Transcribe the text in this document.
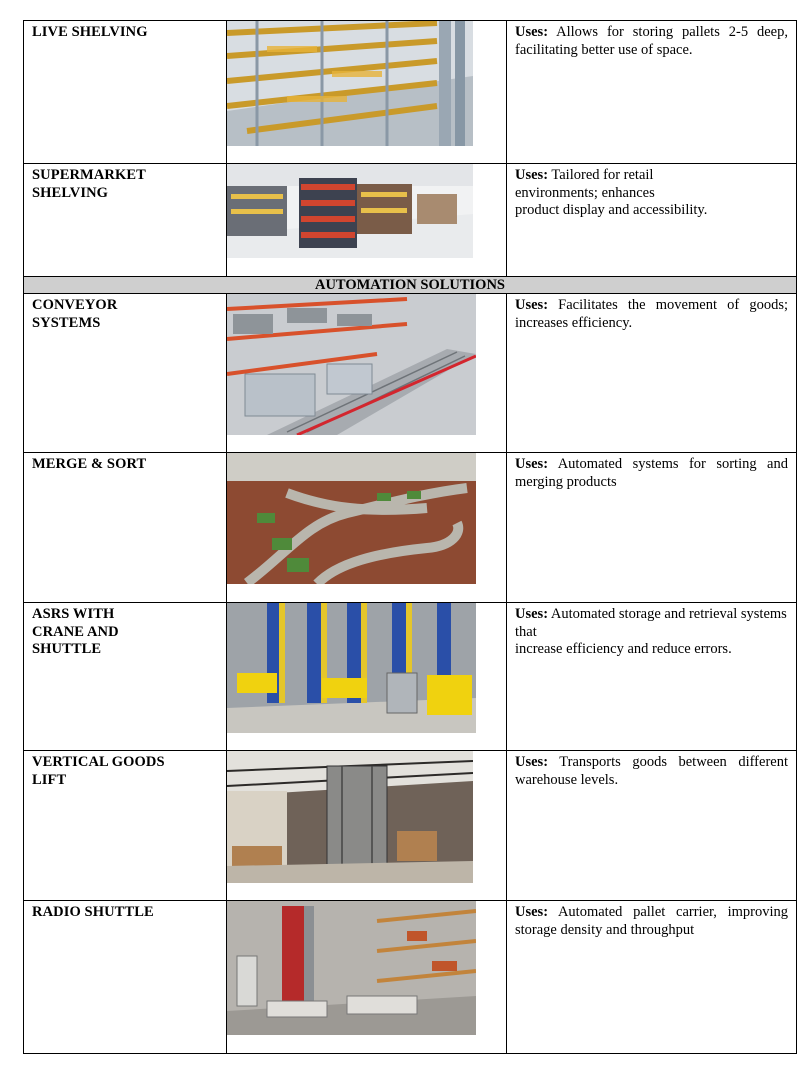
LIVE SHELVING		Uses: Allows for storing pallets 2-5 deep, facilitating better use of space.

SUPERMARKET
SHELVING		Uses: Tailored for retail
environments; enhances
product display and accessibility.

AUTOMATION SOLUTIONS		

CONVEYOR
SYSTEMS		Uses: Facilitates the movement of goods; increases efficiency.

MERGE & SORT		Uses: Automated systems for sorting and merging products

ASRS WITH
CRANE AND
SHUTTLE		Uses: Automated storage and retrieval systems that
increase efficiency and reduce errors.

VERTICAL GOODS
LIFT		Uses: Transports goods between different warehouse levels.

RADIO SHUTTLE		Uses: Automated pallet carrier, improving storage density and throughput
